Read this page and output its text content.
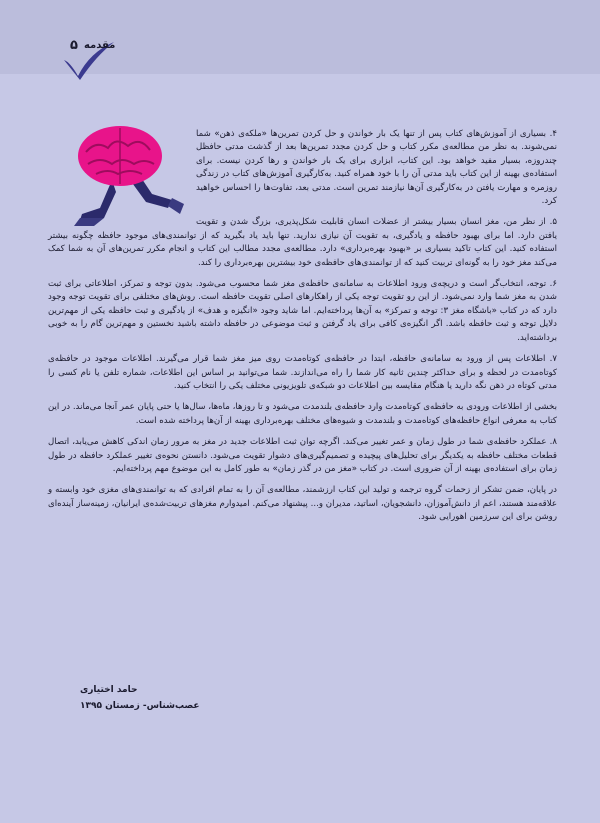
۵ مقدمه

۴. بسیاری از آموزش‌های کتاب پس از تنها یک بار خواندن و حل کردن تمرین‌ها «ملکه‌ی ذهن» شما نمی‌شوند. به نظر من مطالعه‌ی مکرر کتاب و حل کردن مجدد تمرین‌ها بعد از گذشت مدتی حافظل چندروزه، بسیار مفید خواهد بود. این کتاب، ابزاری برای یک بار خواندن و رها کردن نیست. برای استفاده‌ی بهینه از این کتاب باید مدتی آن را با خود همراه کنید. به‌کارگیری آموزش‌های کتاب در زندگی روزمره و مهارت یافتن در به‌کارگیری آن‌ها نیازمند تمرین است. مدتی بعد، تفاوت‌ها را احساس خواهید کرد.

۵. از نظر من، مغز انسان بسیار بیشتر از عضلات انسان قابلیت شکل‌پذیری، بزرگ شدن و تقویت یافتن دارد. اما برای بهبود حافظه و یادگیری، به تقویت آن نیازی ندارید. تنها باید یاد بگیرید که از توانمندی‌های موجود حافظه چگونه بیشتر استفاده کنید. این کتاب تاکید بسیاری بر «بهبود بهره‌برداری» دارد. مطالعه‌ی مجدد مطالب این کتاب و انجام مکرر تمرین‌های آن به شما کمک می‌کند مغز خود را به گونه‌ای تربیت کنید که از توانمندی‌های حافظه‌ی خود بیشترین بهره‌برداری را کند.

۶. توجه، انتخاب‌گر است و دریچه‌ی ورود اطلاعات به سامانه‌ی حافظه‌ی مغز شما محسوب می‌شود. بدون توجه و تمرکز، اطلاعاتی برای ثبت شدن به مغز شما وارد نمی‌شود. از این رو تقویت توجه یکی از راهکارهای اصلی تقویت حافظه است. روش‌های مختلفی برای تقویت توجه وجود دارد که در کتاب «باشگاه مغز ۳: توجه و تمرکز» به آن‌ها پرداخته‌ایم. اما شاید وجود «انگیزه و هدف» از یادگیری و ثبت حافظه یکی از مهم‌ترین دلایل توجه و ثبت حافظه باشد. اگر انگیزه‌ی کافی برای یاد گرفتن و ثبت موضوعی در حافظه داشته باشید نخستین و مهم‌ترین گام را به خوبی برداشته‌اید.

۷. اطلاعات پس از ورود به سامانه‌ی حافظه، ابتدا در حافظه‌ی کوتاه‌مدت روی میز مغز شما قرار می‌گیرند. اطلاعات موجود در حافظه‌ی کوتاه‌مدت در لحظه و برای حداکثر چندین ثانیه کار شما را راه می‌اندازند. شما می‌توانید بر اساس این اطلاعات، شماره تلفن یا نام کسی را مدتی کوتاه در ذهن نگه دارید یا هنگام مقایسه بین اطلاعات دو شبکه‌ی تلویزیونی مختلف یکی را انتخاب کنید.

بخشی از اطلاعات ورودی به حافظه‌ی کوتاه‌مدت وارد حافظه‌ی بلندمدت می‌شود و تا روزها، ماه‌ها، سال‌ها یا حتی پایان عمر آنجا می‌ماند. در این کتاب به معرفی انواع حافظه‌های کوتاه‌مدت و بلندمدت و شیوه‌های مختلف بهره‌برداری بهینه از آن‌ها پرداخته شده است.

۸. عملکرد حافظه‌ی شما در طول زمان و عمر تغییر می‌کند. اگرچه توان ثبت اطلاعات جدید در مغز به مرور زمان اندکی کاهش می‌یابد، اتصال قطعات مختلف حافظه به یکدیگر برای تحلیل‌های پیچیده و تصمیم‌گیری‌های دشوار تقویت می‌شود. دانستن نحوه‌ی تغییر عملکرد حافظه در طول زمان برای استفاده‌ی بهینه از آن ضروری است. در کتاب «مغز من در گذر زمان» به طور کامل به این موضوع مهم پرداخته‌ایم.

در پایان، ضمن تشکر از زحمات گروه ترجمه و تولید این کتاب ارزشمند، مطالعه‌ی آن را به تمام افرادی که به توانمندی‌های مغزی خود وابسته و علاقه‌مند هستند، اعم از دانش‌آموزان، دانشجویان، اساتید، مدیران و... پیشنهاد می‌کنم. امیدوارم مغزهای تربیت‌شده‌ی ایرانیان، زمینه‌ساز آینده‌ای روشن برای این سرزمین اهورایی شود.

حامد اختیاری
عصب‌شناس- زمستان ۱۳۹۵
